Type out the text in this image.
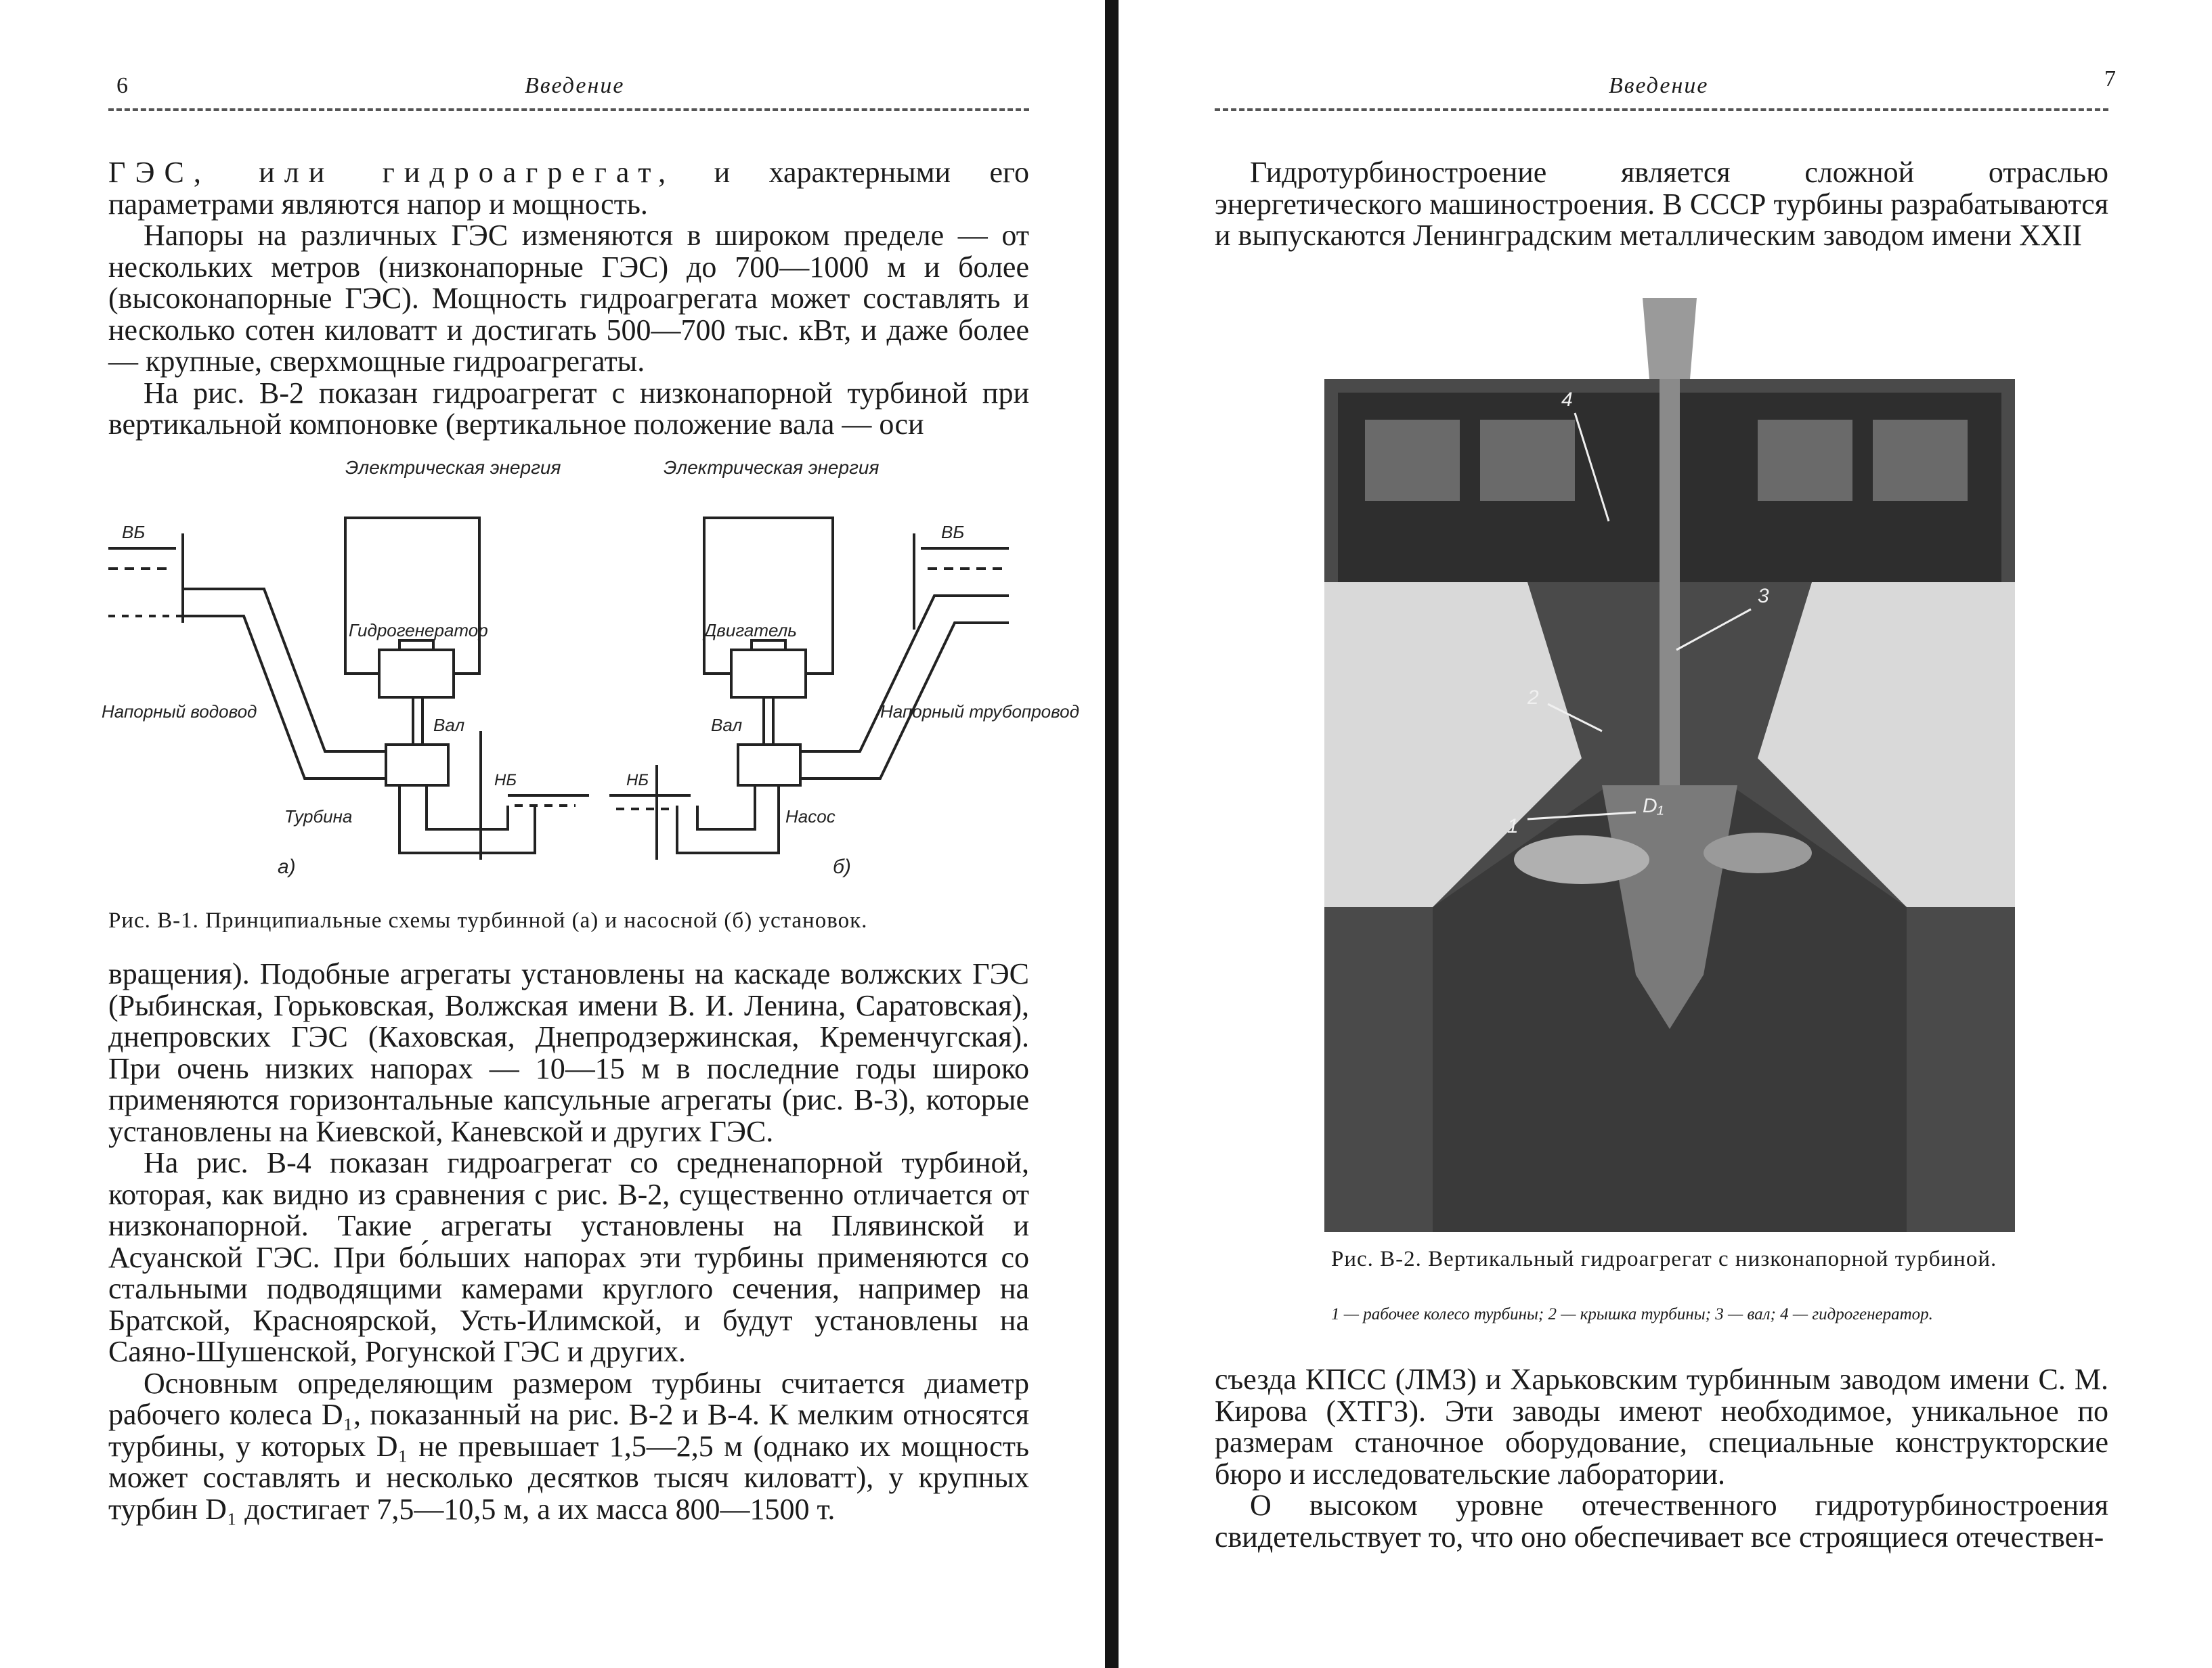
6	Введение

ГЭС, или гидроагрегат, и характерными его параметрами являются напор и мощность.

Напоры на различных ГЭС изменяются в широком пределе — от нескольких метров (низконапорные ГЭС) до 700—1000 м и более (высоконапорные ГЭС). Мощность гидроагрегата может составлять и несколько сотен киловатт и достигать 500—700 тыс. кВт, и даже более — крупные, сверхмощные гидроагрегаты.

На рис. В-2 показан гидроагрегат с низконапорной турбиной при вертикальной компоновке (вертикальное положение вала — оси

Электрическая энергия	Электрическая энергия
ВБ	ВБ
НБ	НБ
Гидрогенератор	Двигатель
Вал	Вал
Напорный водовод	Напорный трубопровод
Турбина	Насос
а)	б)
Рис. В-1. Принципиальные схемы турбинной (а) и насосной (б) установок.

вращения). Подобные агрегаты установлены на каскаде волжских ГЭС (Рыбинская, Горьковская, Волжская имени В. И. Ленина, Саратовская), днепровских ГЭС (Каховская, Днепродзержинская, Кременчугская). При очень низких напорах — 10—15 м в последние годы широко применяются горизонтальные капсульные агрегаты (рис. В-3), которые установлены на Киевской, Каневской и других ГЭС.

На рис. В-4 показан гидроагрегат со средненапорной турбиной, которая, как видно из сравнения с рис. В-2, существенно отличается от низконапорной. Такие агрегаты установлены на Плявинской и Асуанской ГЭС. При бо́льших напорах эти турбины применяются со стальными подводящими камерами круглого сечения, например на Братской, Красноярской, Усть-Илимской, и будут установлены на Саяно-Шушенской, Рогунской ГЭС и других.

Основным определяющим размером турбины считается диаметр рабочего колеса D₁, показанный на рис. В-2 и В-4. К мелким относятся турбины, у которых D₁ не превышает 1,5—2,5 м (однако их мощность может составлять и несколько десятков тысяч киловатт), у крупных турбин D₁ достигает 7,5—10,5 м, а их масса 800—1500 т.

Введение	7

Гидротурбиностроение является сложной отраслью энергетического машиностроения. В СССР турбины разрабатываются и выпускаются Ленинградским металлическим заводом имени XXII

4
2
3
1
D₁
Рис. В-2. Вертикальный гидроагрегат с низконапорной турбиной.
1 — рабочее колесо турбины; 2 — крышка турбины; 3 — вал; 4 — гидрогенератор.

съезда КПСС (ЛМЗ) и Харьковским турбинным заводом имени С. М. Кирова (ХТГЗ). Эти заводы имеют необходимое, уникальное по размерам станочное оборудование, специальные конструкторские бюро и исследовательские лаборатории.

О высоком уровне отечественного гидротурбиностроения свидетельствует то, что оно обеспечивает все строящиеся отечествен-
